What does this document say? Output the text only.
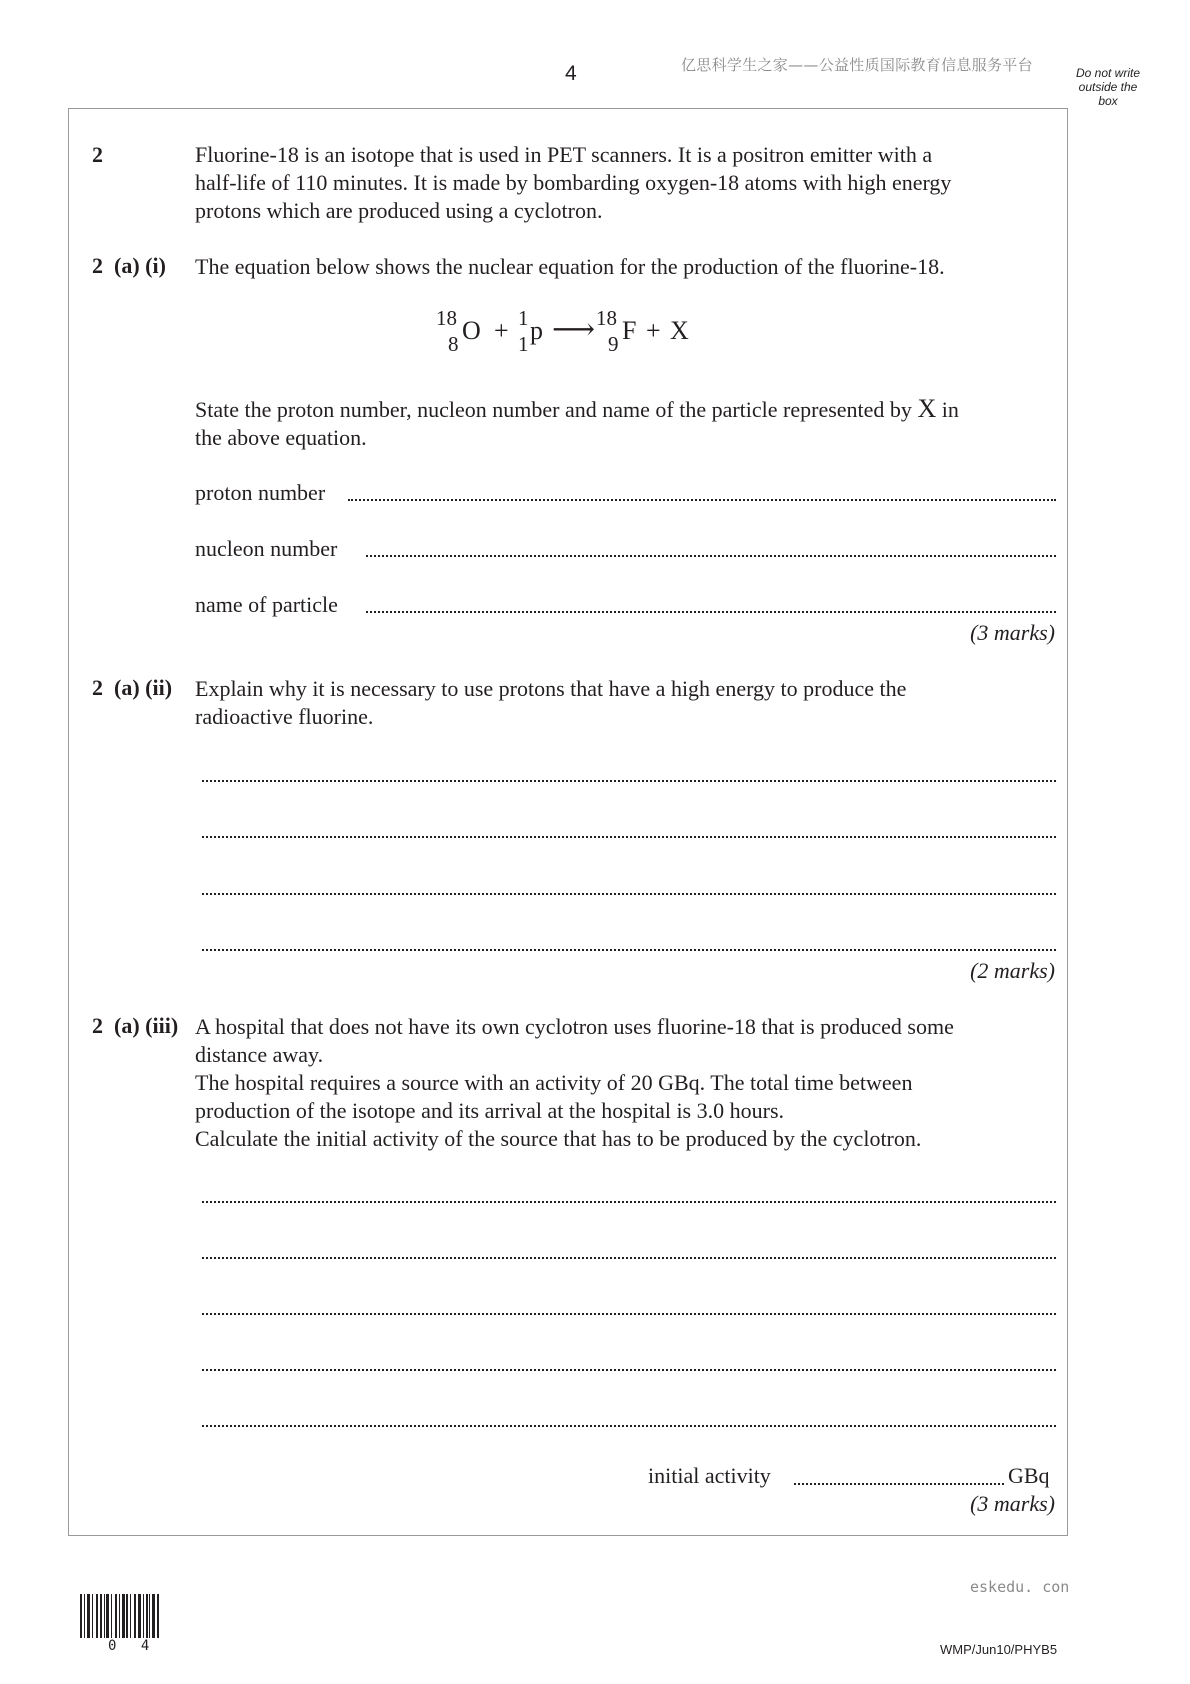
4	亿思科学生之家——公益性质国际教育信息服务平台	Do not write
outside the
box
2	Fluorine-18 is an isotope that is used in PET scanners. It is a positron emitter with a
half-life of 110 minutes. It is made by bombarding oxygen-18 atoms with high energy
protons which are produced using a cyclotron.
2  (a) (i) The equation below shows the nuclear equation for the production of the fluorine-18.
18
8 O + 1
1 p ⟶ 18
9 F + X
State the proton number, nucleon number and name of the particle represented by X in
the above equation.
proton number
nucleon number
name of particle
(3 marks)
2  (a) (ii) Explain why it is necessary to use protons that have a high energy to produce the
radioactive fluorine.
(2 marks)
2  (a) (iii) A hospital that does not have its own cyclotron uses fluorine-18 that is produced some
distance away.
The hospital requires a source with an activity of 20 GBq. The total time between
production of the isotope and its arrival at the hospital is 3.0 hours.
Calculate the initial activity of the source that has to be produced by the cyclotron.
initial activity	GBq
(3 marks)
eskedu. con
0 4	WMP/Jun10/PHYB5
